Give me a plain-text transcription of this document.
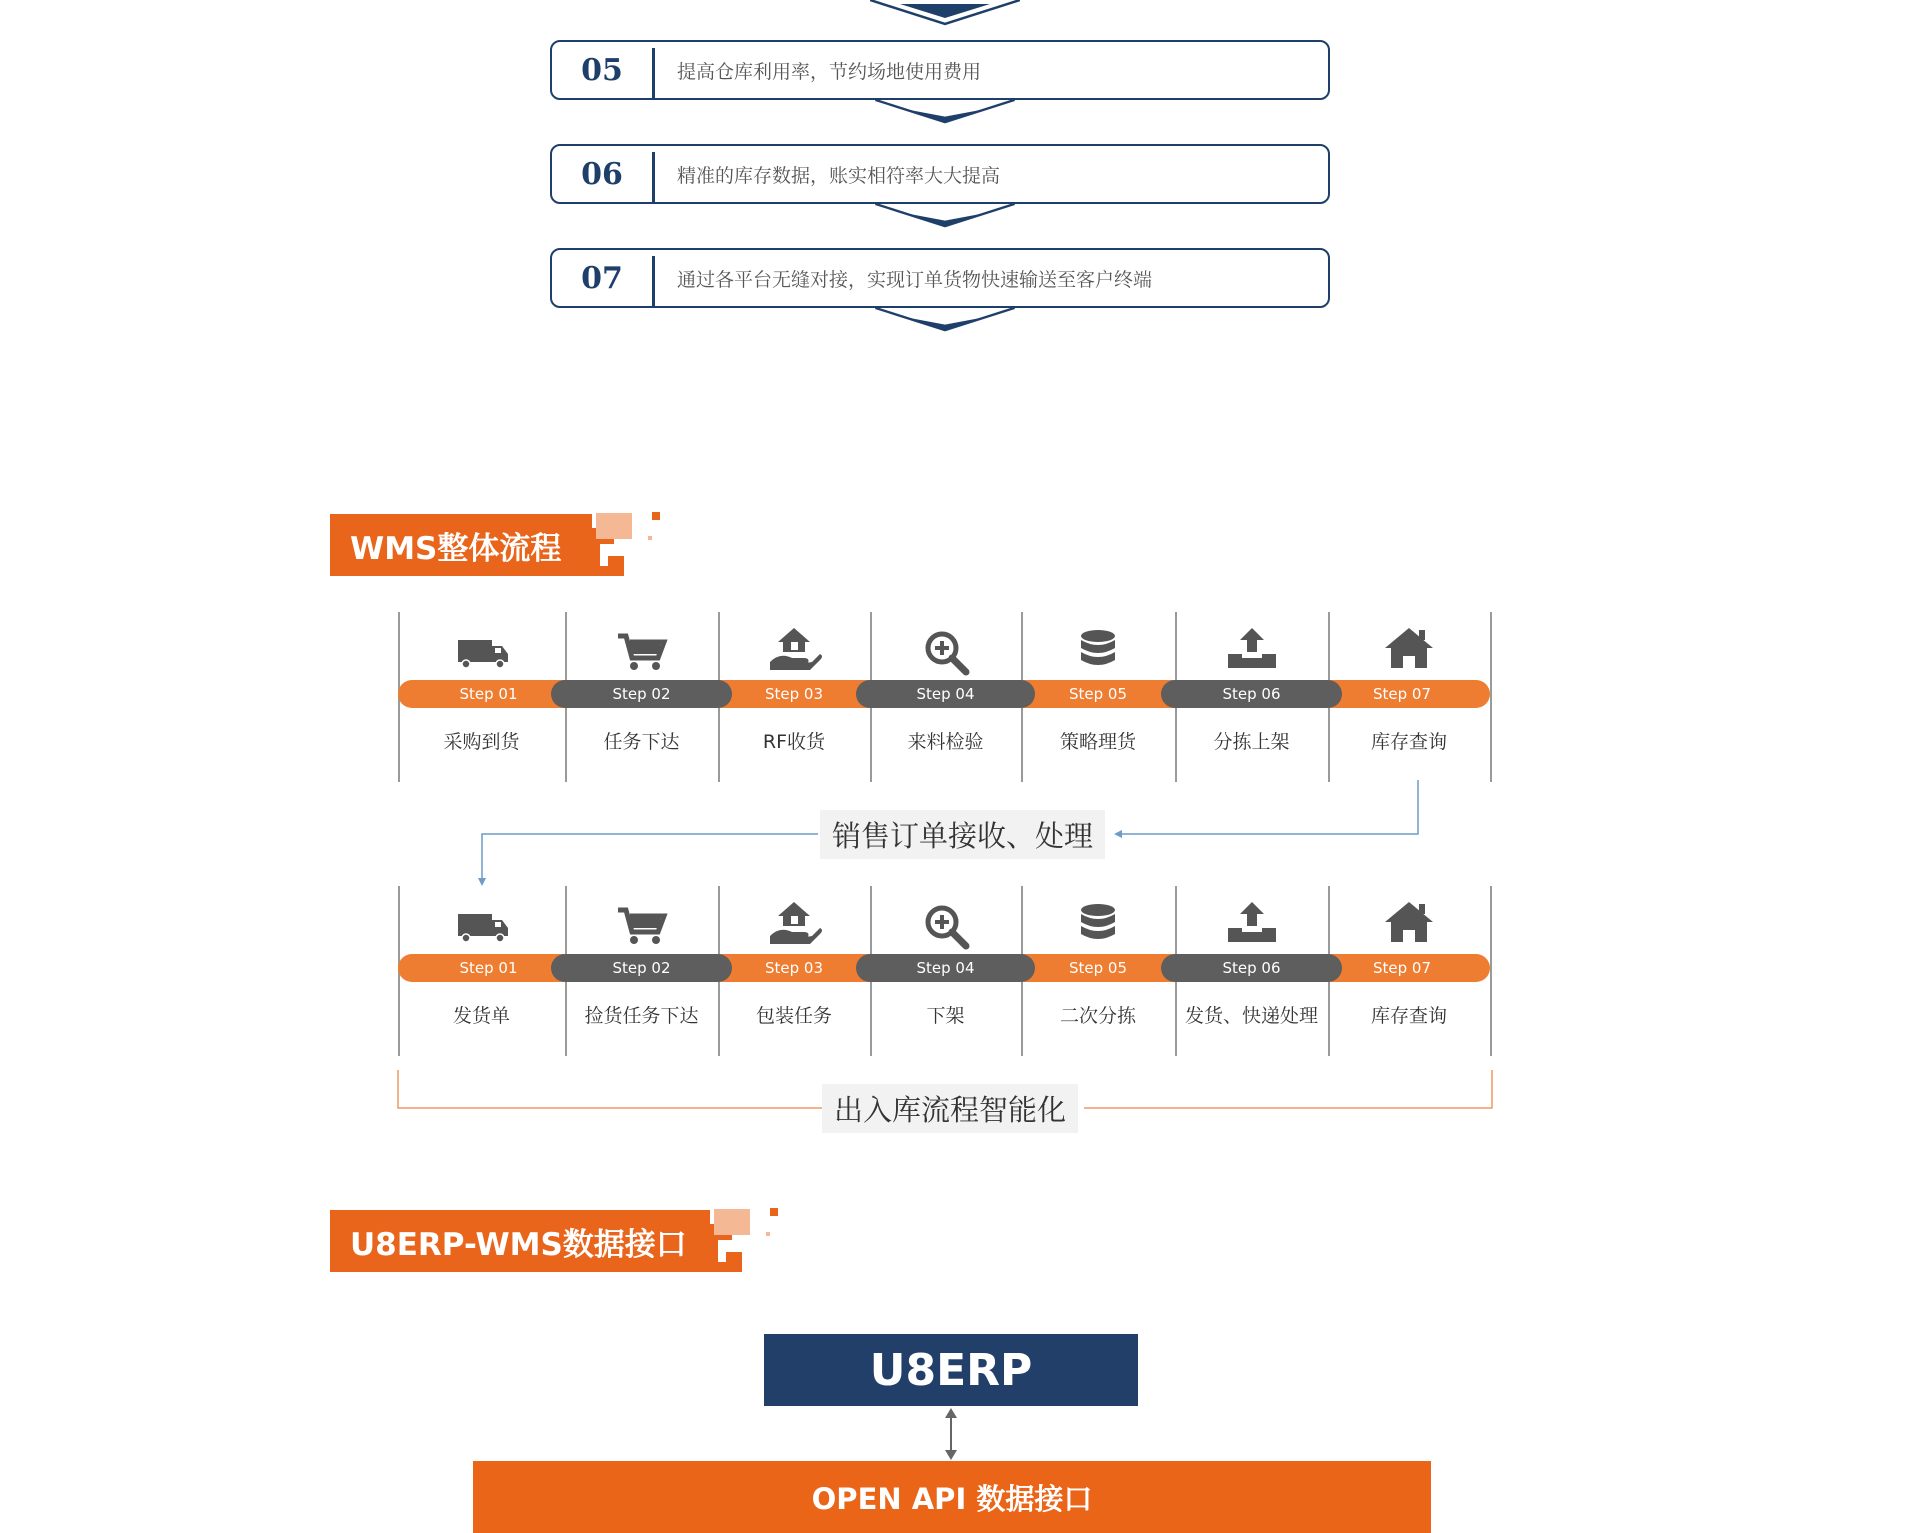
05	提高仓库利用率，节约场地使用费用
06	精准的库存数据，账实相符率大大提高
07	通过各平台无缝对接，实现订单货物快速输送至客户终端
WMS整体流程
Step 01
采购到货
Step 02
任务下达
Step 03
RF收货
Step 04
来料检验
Step 05
策略理货
Step 06
分拣上架
Step 07
库存查询
销售订单接收、处理
Step 01
发货单
Step 02
捡货任务下达
Step 03
包装任务
Step 04
下架
Step 05
二次分拣
Step 06
发货、快递处理
Step 07
库存查询
出入库流程智能化
U8ERP-WMS数据接口
U8ERP
OPEN API 数据接口
